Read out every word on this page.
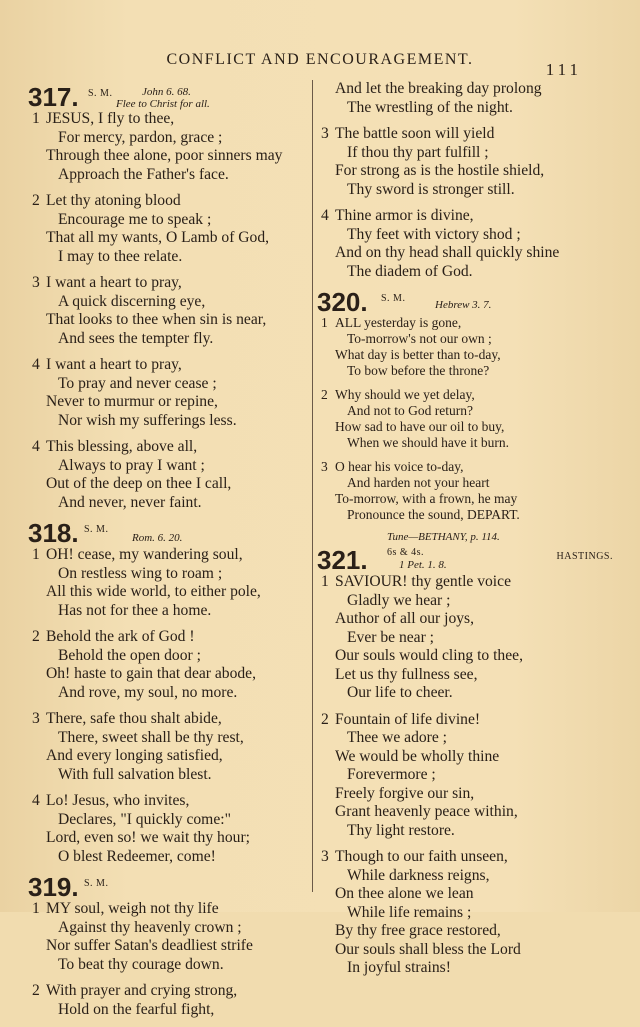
CONFLICT AND ENCOURAGEMENT.
111
317. S. M.	John 6. 68.
Flee to Christ for all.
1 JESUS, I fly to thee,
For mercy, pardon, grace ;
Through thee alone, poor sinners may
Approach the Father's face.
2 Let thy atoning blood
Encourage me to speak ;
That all my wants, O Lamb of God,
I may to thee relate.
3 I want a heart to pray,
A quick discerning eye,
That looks to thee when sin is near,
And sees the tempter fly.
4 I want a heart to pray,
To pray and never cease ;
Never to murmur or repine,
Nor wish my sufferings less.
4 This blessing, above all,
Always to pray I want ;
Out of the deep on thee I call,
And never, never faint.
318. S. M.
Rom. 6. 20.
1 OH! cease, my wandering soul,
On restless wing to roam ;
All this wide world, to either pole,
Has not for thee a home.
2 Behold the ark of God !
Behold the open door ;
Oh! haste to gain that dear abode,
And rove, my soul, no more.
3 There, safe thou shalt abide,
There, sweet shall be thy rest,
And every longing satisfied,
With full salvation blest.
4 Lo! Jesus, who invites,
Declares, "I quickly come:"
Lord, even so! we wait thy hour;
O blest Redeemer, come!
319. S. M.
1 MY soul, weigh not thy life
Against thy heavenly crown ;
Nor suffer Satan's deadliest strife
To beat thy courage down.
2 With prayer and crying strong,
Hold on the fearful fight,
And let the breaking day prolong
The wrestling of the night.
3 The battle soon will yield
If thou thy part fulfill ;
For strong as is the hostile shield,
Thy sword is stronger still.
4 Thine armor is divine,
Thy feet with victory shod ;
And on thy head shall quickly shine
The diadem of God.
320. S. M.
Hebrew 3. 7.
1 ALL yesterday is gone,
To-morrow's not our own ;
What day is better than to-day,
To bow before the throne?
2 Why should we yet delay,
And not to God return?
How sad to have our oil to buy,
When we should have it burn.
3 O hear his voice to-day,
And harden not your heart
To-morrow, with a frown, he may
Pronounce the sound, DEPART.
Tune—BETHANY, p. 114.
321. 6s & 4s.
1 Pet. 1. 8.
HASTINGS.
1 SAVIOUR! thy gentle voice
Gladly we hear ;
Author of all our joys,
Ever be near ;
Our souls would cling to thee,
Let us thy fullness see,
Our life to cheer.
2 Fountain of life divine!
Thee we adore ;
We would be wholly thine
Forevermore ;
Freely forgive our sin,
Grant heavenly peace within,
Thy light restore.
3 Though to our faith unseen,
While darkness reigns,
On thee alone we lean
While life remains ;
By thy free grace restored,
Our souls shall bless the Lord
In joyful strains!
